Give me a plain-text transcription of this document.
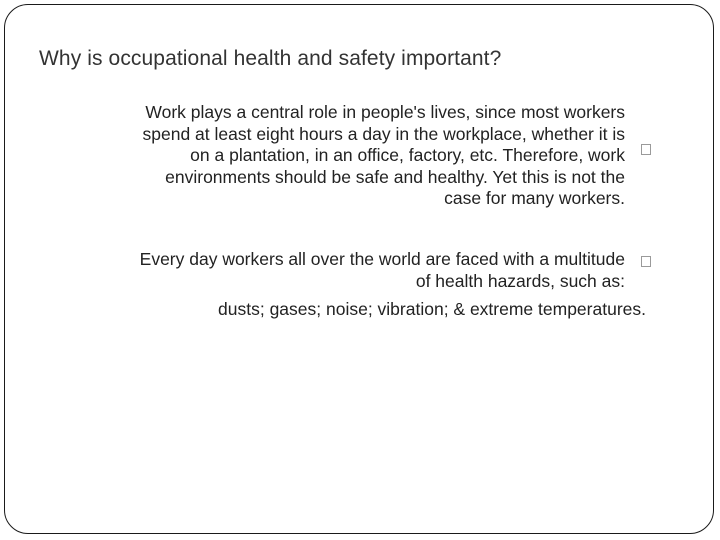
Why is occupational health and safety important?
Work plays a central role in people's lives, since most workers
spend at least eight hours a day in the workplace, whether it is
on a plantation, in an office, factory, etc. Therefore, work
environments should be safe and healthy. Yet this is not the
case for many workers.
Every day workers all over the world are faced with a multitude
of health hazards, such as:
dusts; gases; noise; vibration; & extreme temperatures.
